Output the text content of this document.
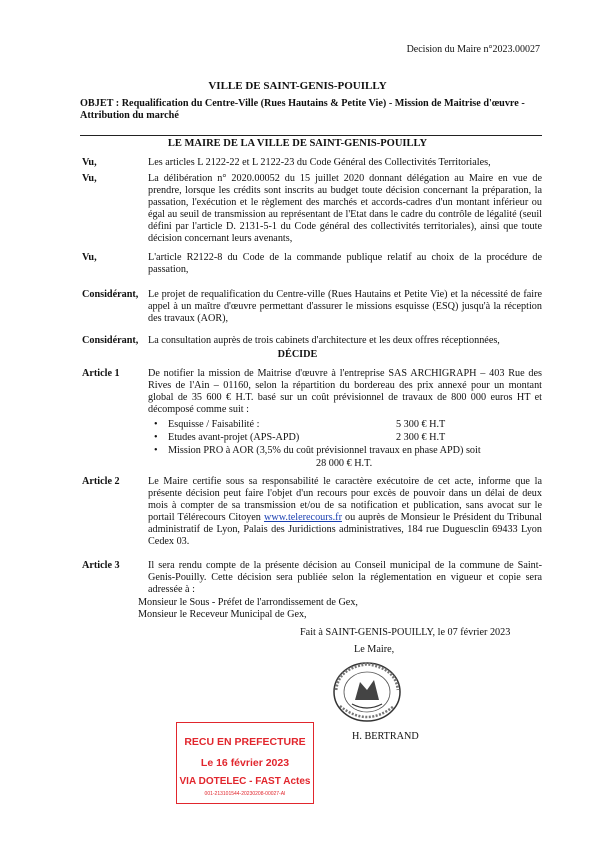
Decision du Maire n°2023.00027
VILLE DE SAINT-GENIS-POUILLY
OBJET : Requalification du Centre-Ville (Rues Hautains & Petite Vie) - Mission de Maitrise d'œuvre - Attribution du marché
LE MAIRE DE LA VILLE DE SAINT-GENIS-POUILLY
Vu,	Les articles L 2122-22 et L 2122-23 du Code Général des Collectivités Territoriales,
Vu,	La délibération n° 2020.00052 du 15 juillet 2020 donnant délégation au Maire en vue de prendre, lorsque les crédits sont inscrits au budget toute décision concernant la préparation, la passation, l'exécution et le règlement des marchés et accords-cadres d'un montant inférieur ou égal au seuil de transmission au représentant de l'Etat dans le cadre du contrôle de légalité (seuil défini par l'article D. 2131-5-1 du Code général des collectivités territoriales), ainsi que toute décision concernant leurs avenants,
Vu,	L'article R2122-8 du Code de la commande publique relatif au choix de la procédure de passation,
Considérant, Le projet de requalification du Centre-ville (Rues Hautains et Petite Vie) et la nécessité de faire appel à un maître d'œuvre permettant d'assurer le missions esquisse (ESQ) jusqu'à la réception des travaux (AOR),
Considérant, La consultation auprès de trois cabinets d'architecture et les deux offres réceptionnées,
DÉCIDE
Article 1	De notifier la mission de Maitrise d'œuvre à l'entreprise SAS ARCHIGRAPH – 403 Rue des Rives de l'Ain – 01160, selon la répartition du bordereau des prix annexé pour un montant global de 35 600 € H.T. basé sur un coût prévisionnel de travaux de 800 000 euros HT et décomposé comme suit :
• Esquisse / Faisabilité :	5 300 € H.T
• Etudes avant-projet (APS-APD)	2 300 € H.T
• Mission PRO à AOR (3,5% du coût prévisionnel travaux en phase APD) soit
28 000 € H.T.
Article 2	Le Maire certifie sous sa responsabilité le caractère exécutoire de cet acte, informe que la présente décision peut faire l'objet d'un recours pour excès de pouvoir dans un délai de deux mois à compter de sa transmission et/ou de sa notification et publication, sans avocat sur le portail Télérecours Citoyen www.telerecours.fr ou auprès de Monsieur le Président du Tribunal administratif de Lyon, Palais des Juridictions administratives, 184 rue Duguesclin 69433 Lyon Cedex 03.
Article 3	Il sera rendu compte de la présente décision au Conseil municipal de la commune de Saint-Genis-Pouilly. Cette décision sera publiée selon la réglementation en vigueur et copie sera adressée à :
Monsieur le Sous - Préfet de l'arrondissement de Gex,
Monsieur le Receveur Municipal de Gex,
Fait à SAINT-GENIS-POUILLY, le 07 février 2023
Le Maire,
H. BERTRAND
RECU EN PREFECTURE
Le 16 février 2023
VIA DOTELEC - FAST Actes
001-213101544-20230208-00027-AI
